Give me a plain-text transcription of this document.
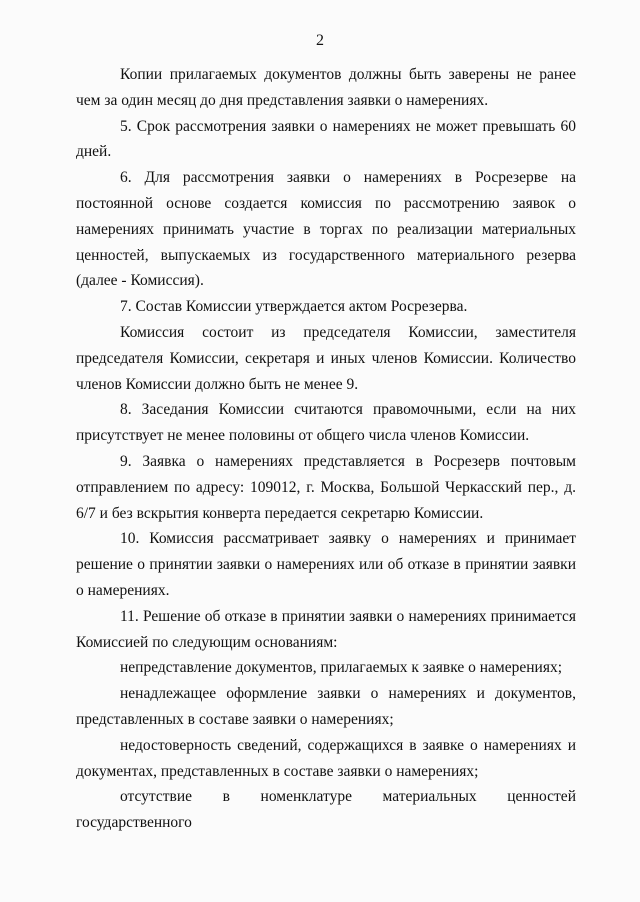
2

Копии прилагаемых документов должны быть заверены не ранее чем за один месяц до дня представления заявки о намерениях.

5. Срок рассмотрения заявки о намерениях не может превышать 60 дней.

6. Для рассмотрения заявки о намерениях в Росрезерве на постоянной основе создается комиссия по рассмотрению заявок о намерениях принимать участие в торгах по реализации материальных ценностей, выпускаемых из государственного материального резерва (далее - Комиссия).

7. Состав Комиссии утверждается актом Росрезерва.

Комиссия состоит из председателя Комиссии, заместителя председателя Комиссии, секретаря и иных членов Комиссии. Количество членов Комиссии должно быть не менее 9.

8. Заседания Комиссии считаются правомочными, если на них присутствует не менее половины от общего числа членов Комиссии.

9. Заявка о намерениях представляется в Росрезерв почтовым отправлением по адресу: 109012, г. Москва, Большой Черкасский пер., д. 6/7 и без вскрытия конверта передается секретарю Комиссии.

10. Комиссия рассматривает заявку о намерениях и принимает решение о принятии заявки о намерениях или об отказе в принятии заявки о намерениях.

11. Решение об отказе в принятии заявки о намерениях принимается Комиссией по следующим основаниям:

непредставление документов, прилагаемых к заявке о намерениях;

ненадлежащее оформление заявки о намерениях и документов, представленных в составе заявки о намерениях;

недостоверность сведений, содержащихся в заявке о намерениях и документах, представленных в составе заявки о намерениях;

отсутствие в номенклатуре материальных ценностей государственного
